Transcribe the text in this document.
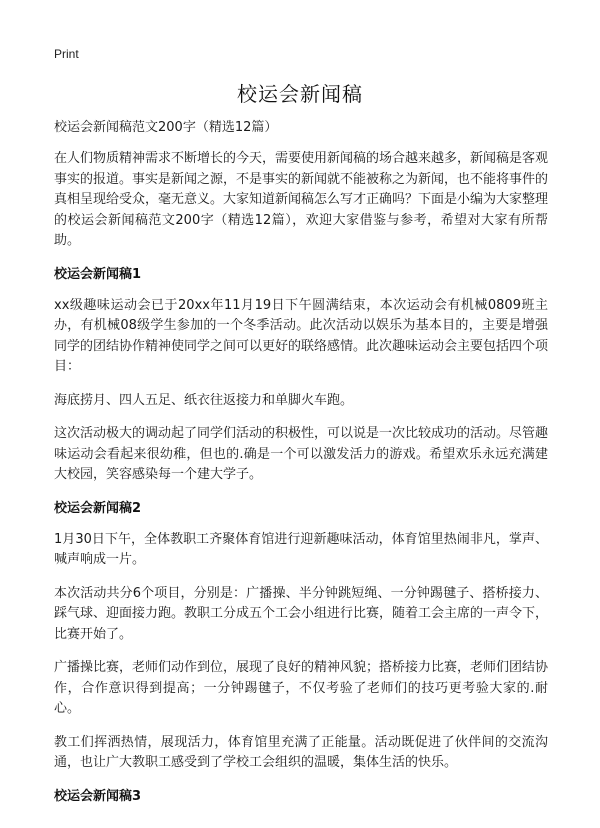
Print
校运会新闻稿
校运会新闻稿范文200字（精选12篇）

在人们物质精神需求不断增长的今天，需要使用新闻稿的场合越来越多，新闻稿是客观事实的报道。事实是新闻之源，不是事实的新闻就不能被称之为新闻，也不能将事件的真相呈现给受众，毫无意义。大家知道新闻稿怎么写才正确吗？下面是小编为大家整理的校运会新闻稿范文200字（精选12篇），欢迎大家借鉴与参考，希望对大家有所帮助。

校运会新闻稿1

xx级趣味运动会已于20xx年11月19日下午圆满结束，本次运动会有机械0809班主办，有机械08级学生参加的一个冬季活动。此次活动以娱乐为基本目的，主要是增强同学的团结协作精神使同学之间可以更好的联络感情。此次趣味运动会主要包括四个项目：

海底捞月、四人五足、纸衣往返接力和单脚火车跑。

这次活动极大的调动起了同学们活动的积极性，可以说是一次比较成功的活动。尽管趣味运动会看起来很幼稚，但也的.确是一个可以激发活力的游戏。希望欢乐永远充满建大校园，笑容感染每一个建大学子。

校运会新闻稿2

1月30日下午，全体教职工齐聚体育馆进行迎新趣味活动，体育馆里热闹非凡，掌声、喊声响成一片。

本次活动共分6个项目，分别是：广播操、半分钟跳短绳、一分钟踢毽子、搭桥接力、踩气球、迎面接力跑。教职工分成五个工会小组进行比赛，随着工会主席的一声令下，比赛开始了。

广播操比赛，老师们动作到位，展现了良好的精神风貌；搭桥接力比赛，老师们团结协作，合作意识得到提高；一分钟踢毽子，不仅考验了老师们的技巧更考验大家的.耐心。

教工们挥洒热情，展现活力，体育馆里充满了正能量。活动既促进了伙伴间的交流沟通，也让广大教职工感受到了学校工会组织的温暖，集体生活的快乐。

校运会新闻稿3
